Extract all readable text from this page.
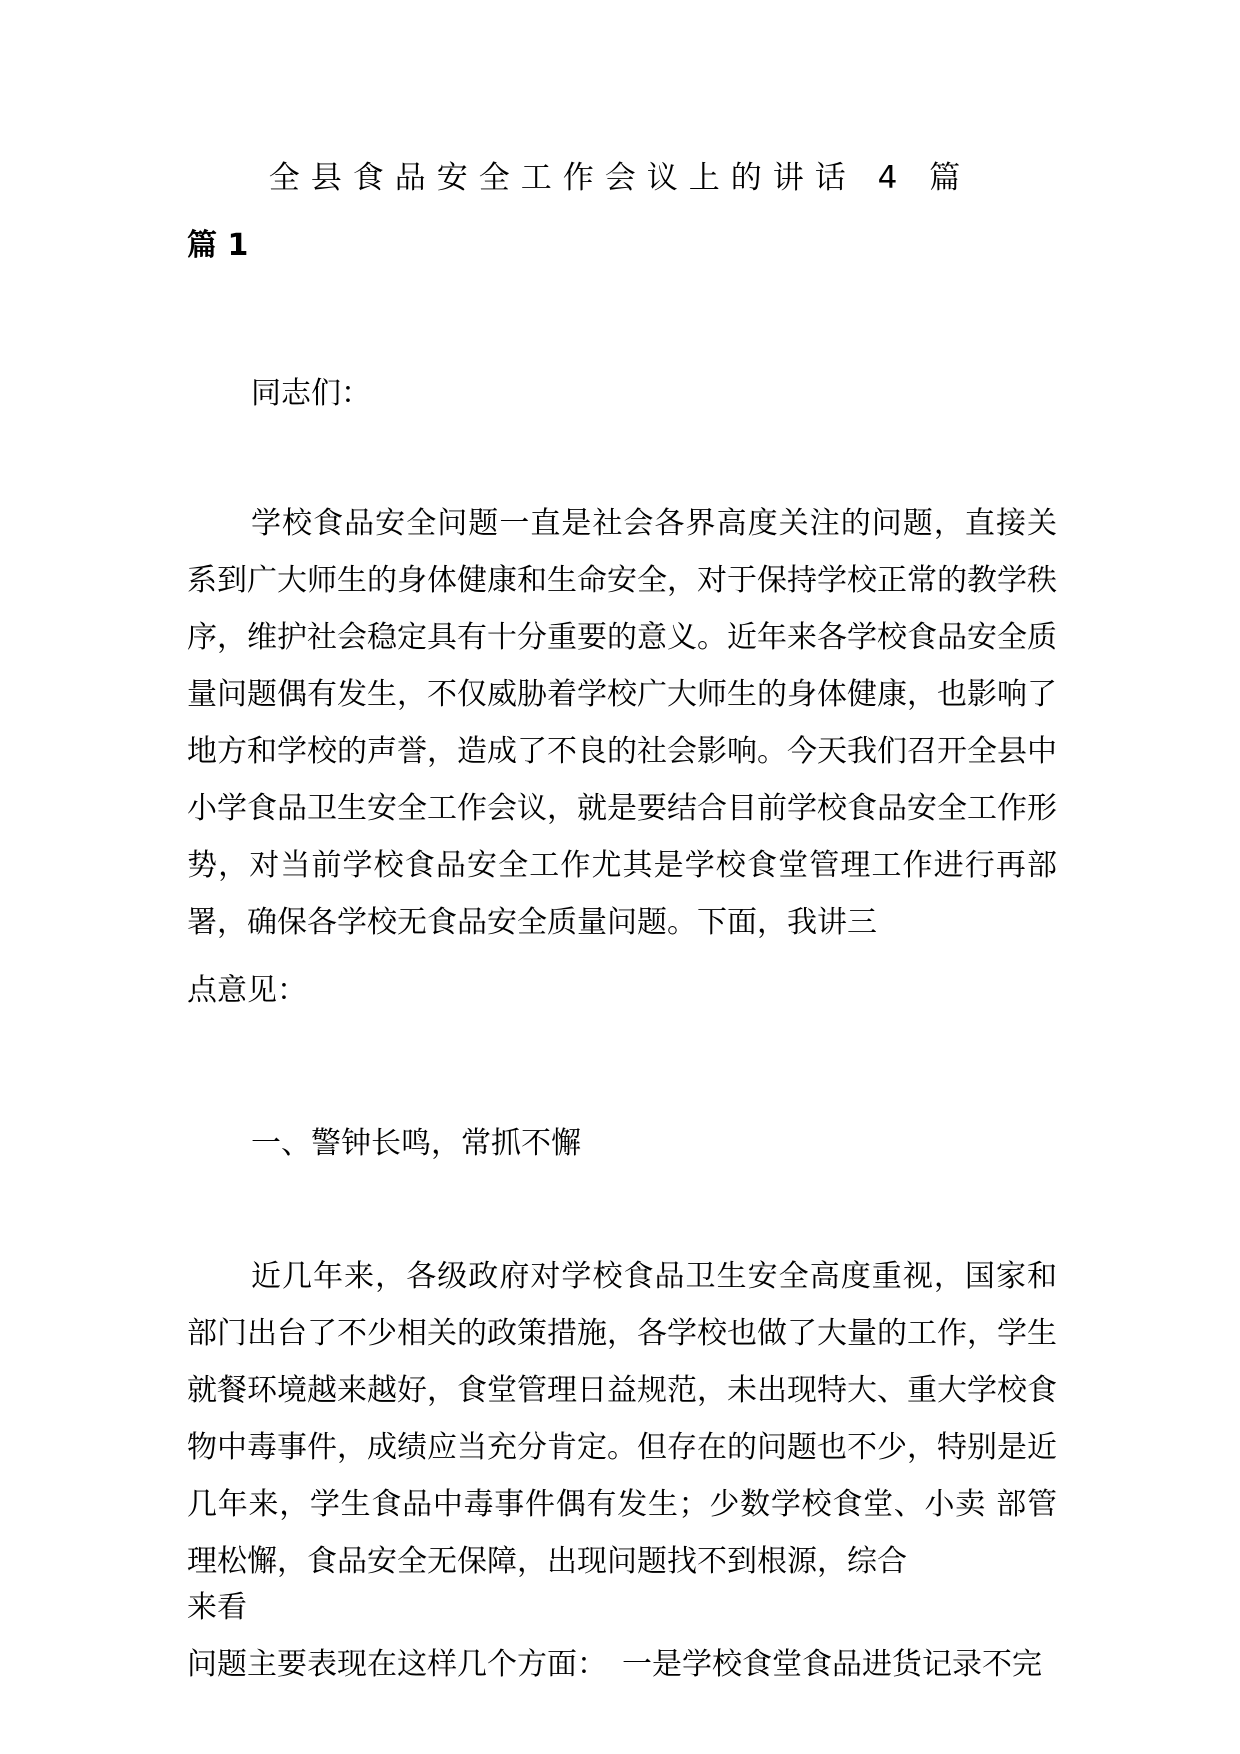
全县食品安全工作会议上的讲话 4 篇
篇 1
同志们：
学校食品安全问题一直是社会各界高度关注的问题，直接关系到广大师生的身体健康和生命安全，对于保持学校正常的教学秩序，维护社会稳定具有十分重要的意义。近年来各学校食品安全质量问题偶有发生，不仅威胁着学校广大师生的身体健康，也影响了地方和学校的声誉，造成了不良的社会影响。今天我们召开全县中小学食品卫生安全工作会议，就是要结合目前学校食品安全工作形势，对当前学校食品安全工作尤其是学校食堂管理工作进行再部署，确保各学校无食品安全质量问题。下面，我讲三
点意见：
一、警钟长鸣，常抓不懈
近几年来，各级政府对学校食品卫生安全高度重视，国家和部门出台了不少相关的政策措施，各学校也做了大量的工作，学生就餐环境越来越好，食堂管理日益规范，未出现特大、重大学校食物中毒事件，成绩应当充分肯定。但存在的问题也不少，特别是近几年来，学生食品中毒事件偶有发生；少数学校食堂、小卖 部管理松懈，食品安全无保障，出现问题找不到根源，综合
来看
问题主要表现在这样几个方面：　一是学校食堂食品进货记录不完
